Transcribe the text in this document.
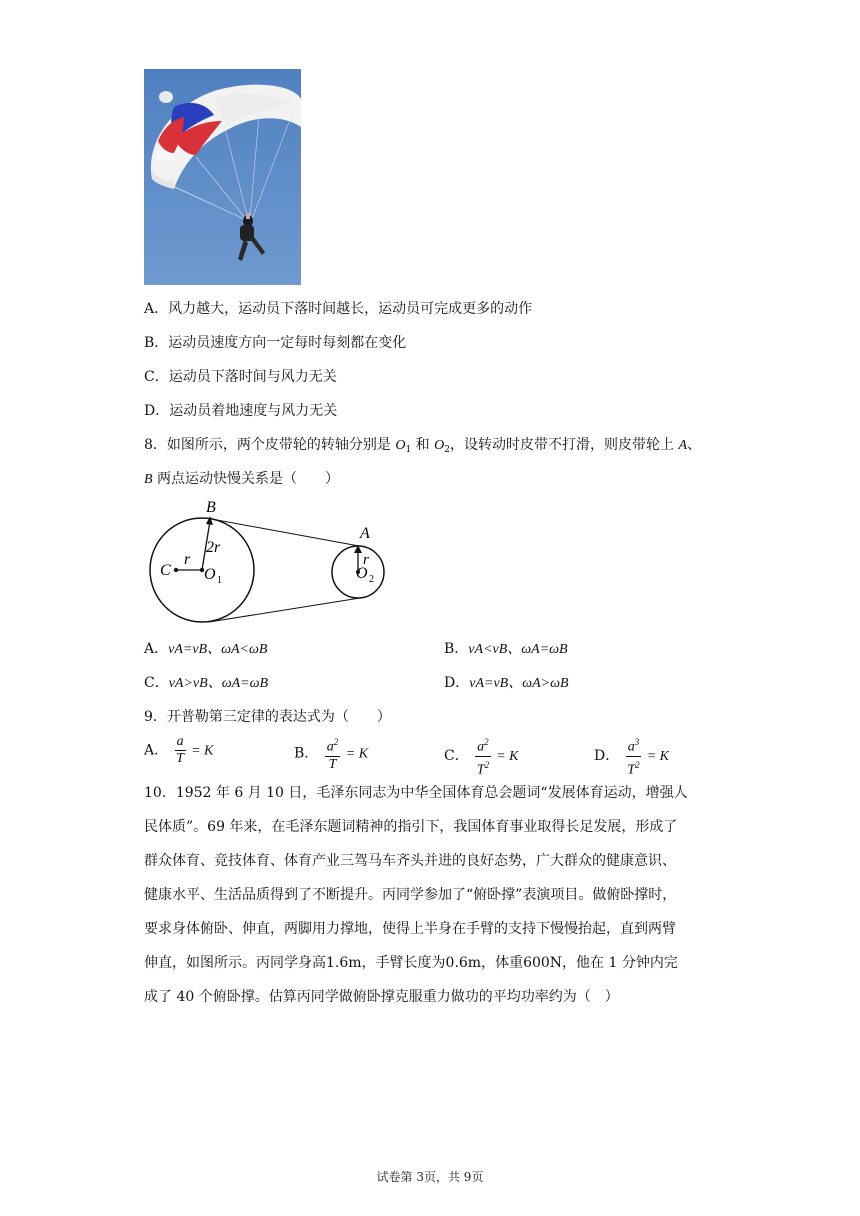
A．风力越大，运动员下落时间越长，运动员可完成更多的动作
B．运动员速度方向一定每时每刻都在变化
C．运动员下落时间与风力无关
D．运动员着地速度与风力无关
8．如图所示，两个皮带轮的转轴分别是 $O_1$ 和 $O_2$，设转动时皮带不打滑，则皮带轮上 A、
B 两点运动快慢关系是（　　）
B
A
C
2r
r	r
O 1	O 2
A．vA=vB、ωA<ωB	B．vA<vB、ωA=ωB
C．vA>vB、ωA=ωB	D．vA=vB、ωA>ωB
9．开普勒第三定律的表达式为（　　）
A． $\frac{a}{T} = K$	B． $\frac{a^2}{T} = K$	C． $\frac{a^2}{T^2} = K$	D． $\frac{a^3}{T^2} = K$
10．1952 年 6 月 10 日，毛泽东同志为中华全国体育总会题词“发展体育运动，增强人
民体质”。69 年来，在毛泽东题词精神的指引下，我国体育事业取得长足发展，形成了
群众体育、竞技体育、体育产业三驾马车齐头并进的良好态势，广大群众的健康意识、
健康水平、生活品质得到了不断提升。丙同学参加了“俯卧撑”表演项目。做俯卧撑时，
要求身体俯卧、伸直，两脚用力撑地，使得上半身在手臂的支持下慢慢抬起，直到两臂
伸直，如图所示。丙同学身高1.6m，手臂长度为0.6m，体重600N，他在 1 分钟内完
成了 40 个俯卧撑。估算丙同学做俯卧撑克服重力做功的平均功率约为（　）
试卷第 3页，共 9页
